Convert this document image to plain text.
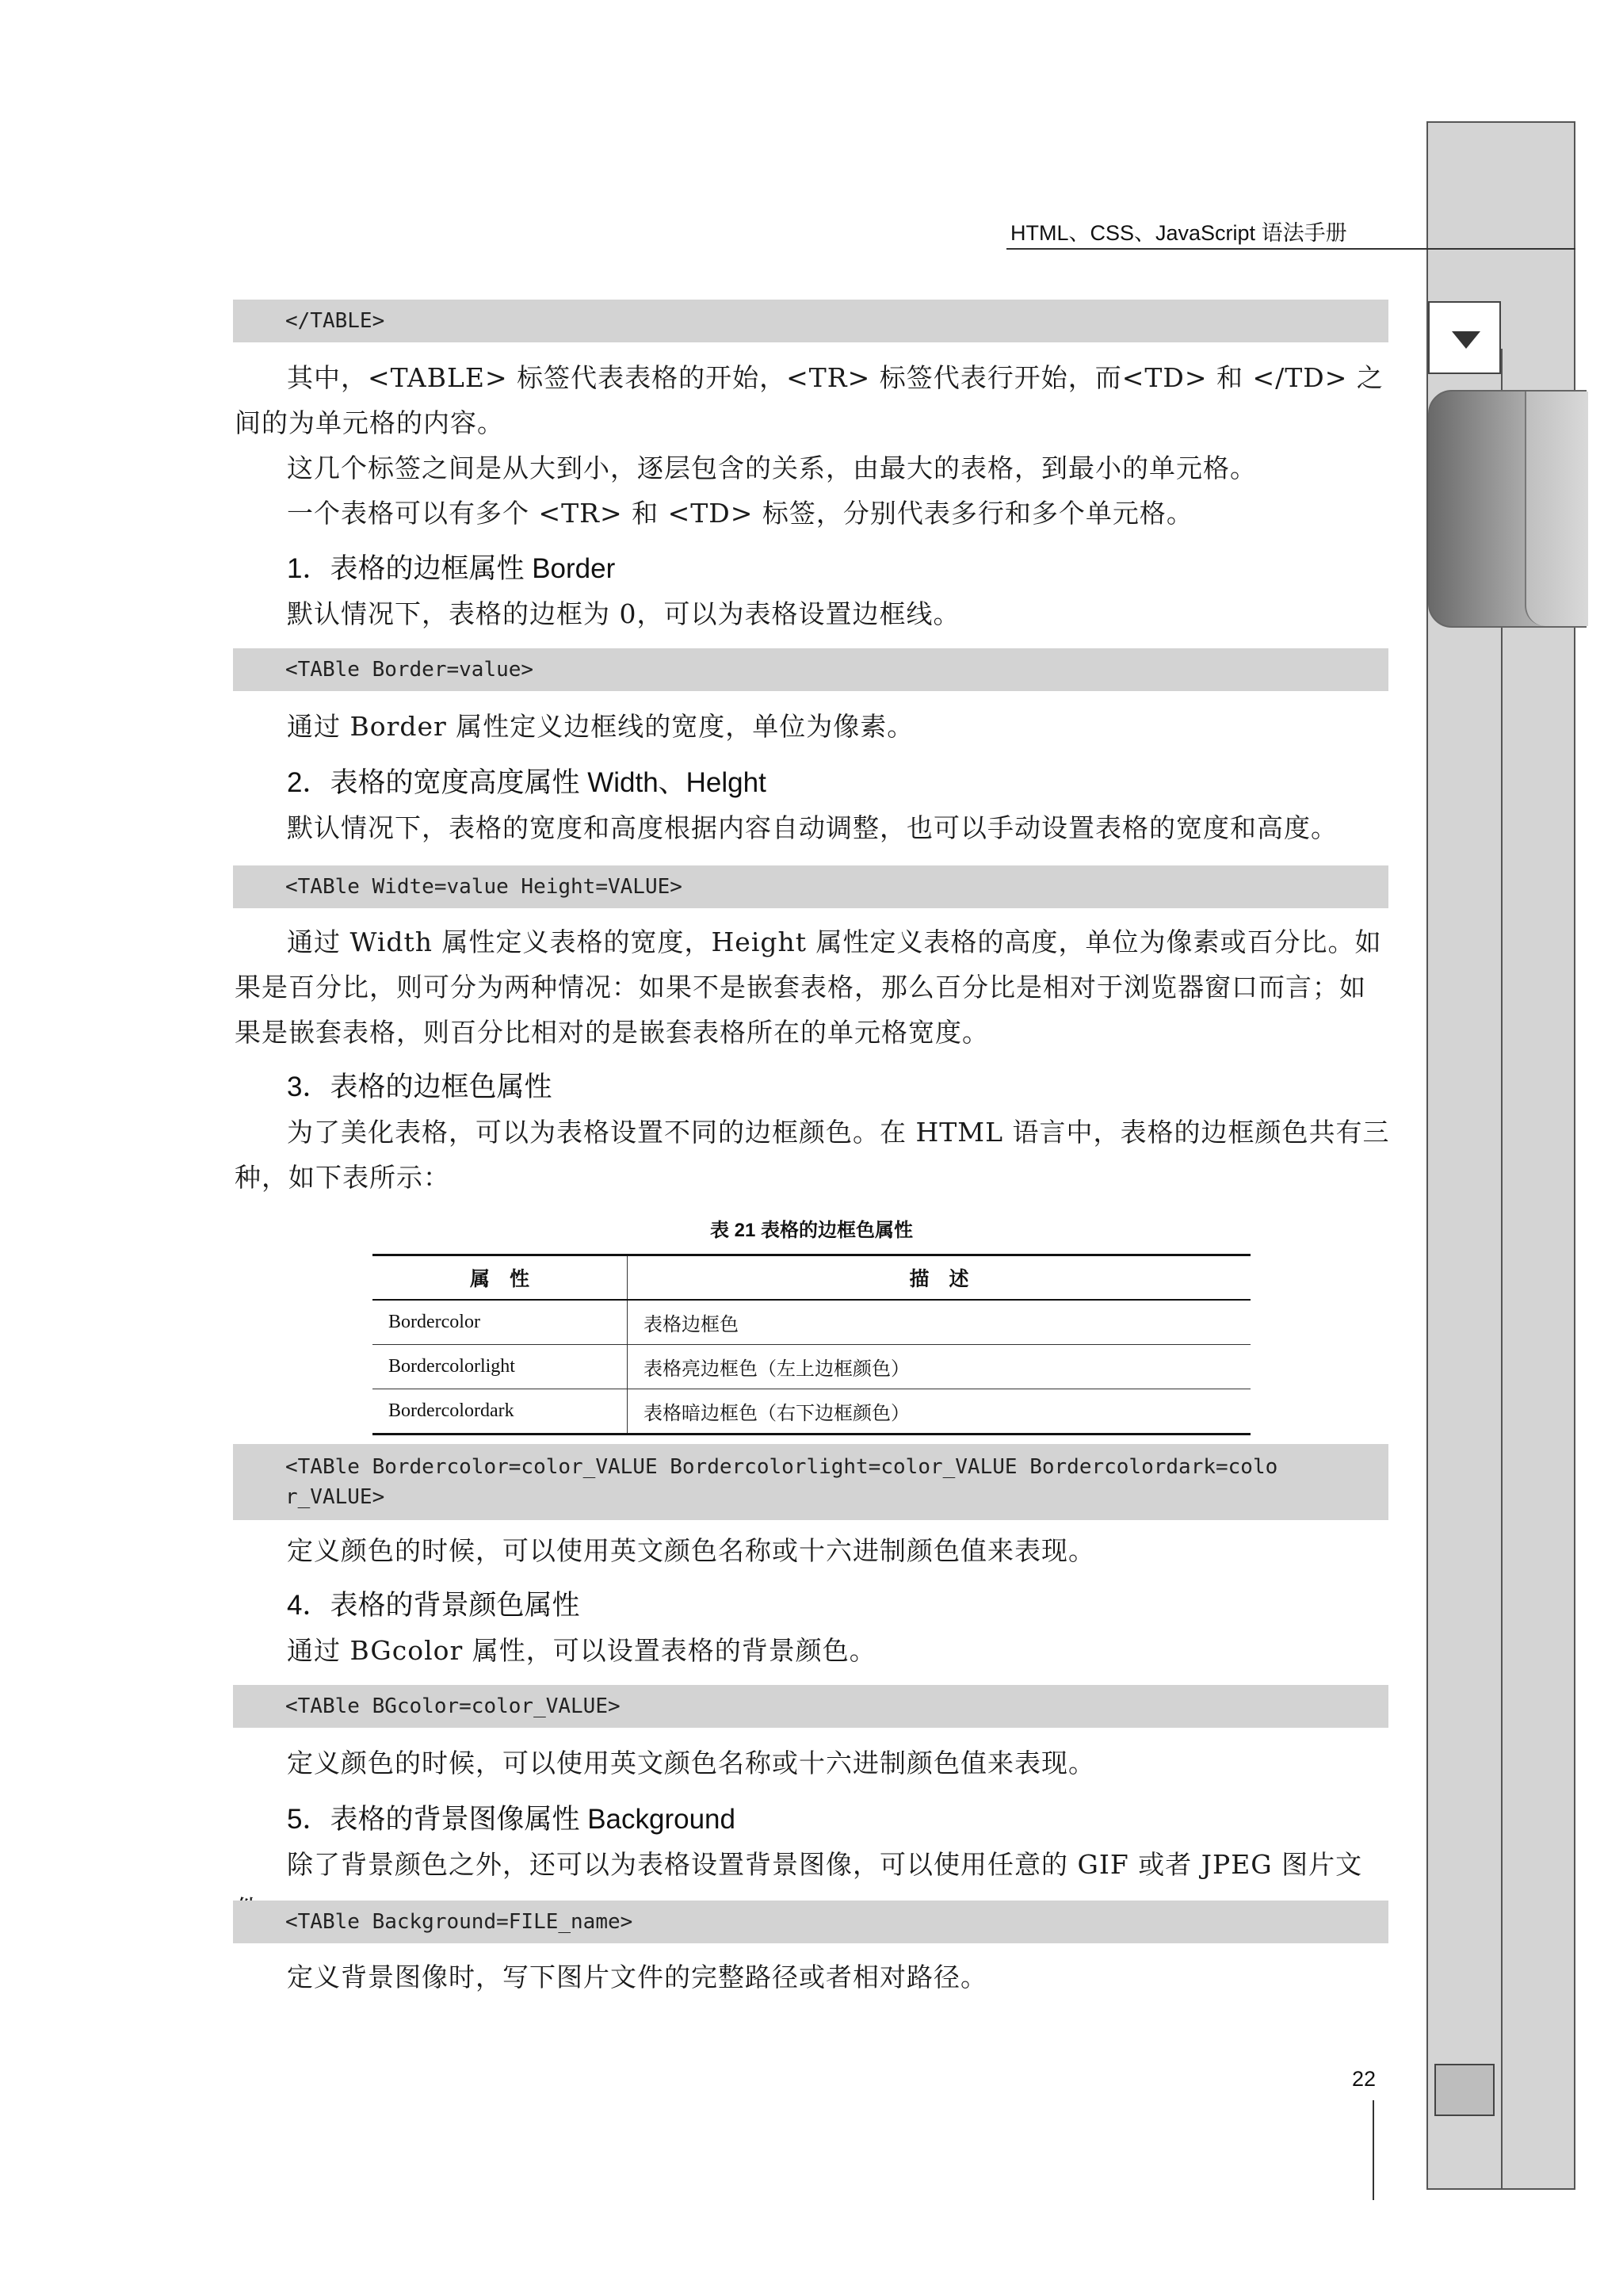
HTML、CSS、JavaScript 语法手册
</TABLE>
其中，<TABLE> 标签代表表格的开始，<TR> 标签代表行开始，而<TD> 和 </TD> 之间的为单元格的内容。
这几个标签之间是从大到小，逐层包含的关系，由最大的表格，到最小的单元格。
一个表格可以有多个 <TR> 和 <TD> 标签，分别代表多行和多个单元格。
1．表格的边框属性 Border
默认情况下，表格的边框为 0，可以为表格设置边框线。
<TABle Border=value>
通过 Border 属性定义边框线的宽度，单位为像素。
2．表格的宽度高度属性 Width、Helght
默认情况下，表格的宽度和高度根据内容自动调整，也可以手动设置表格的宽度和高度。
<TABle Widte=value Height=VALUE>
通过 Width 属性定义表格的宽度，Height 属性定义表格的高度，单位为像素或百分比。如果是百分比，则可分为两种情况：如果不是嵌套表格，那么百分比是相对于浏览器窗口而言；如果是嵌套表格，则百分比相对的是嵌套表格所在的单元格宽度。
3．表格的边框色属性
为了美化表格，可以为表格设置不同的边框颜色。在 HTML 语言中，表格的边框颜色共有三种，如下表所示：
表 21 表格的边框色属性
属　性	描　述
Bordercolor	表格边框色
Bordercolorlight	表格亮边框色（左上边框颜色）
Bordercolordark	表格暗边框色（右下边框颜色）
<TABle Bordercolor=color_VALUE Bordercolorlight=color_VALUE Bordercolordark=colo
r_VALUE>
定义颜色的时候，可以使用英文颜色名称或十六进制颜色值来表现。
4．表格的背景颜色属性
通过 BGcolor 属性，可以设置表格的背景颜色。
<TABle BGcolor=color_VALUE>
定义颜色的时候，可以使用英文颜色名称或十六进制颜色值来表现。
5．表格的背景图像属性 Background
除了背景颜色之外，还可以为表格设置背景图像，可以使用任意的 GIF 或者 JPEG 图片文
<TABle Background=FILE_name>
定义背景图像时，写下图片文件的完整路径或者相对路径。
22
